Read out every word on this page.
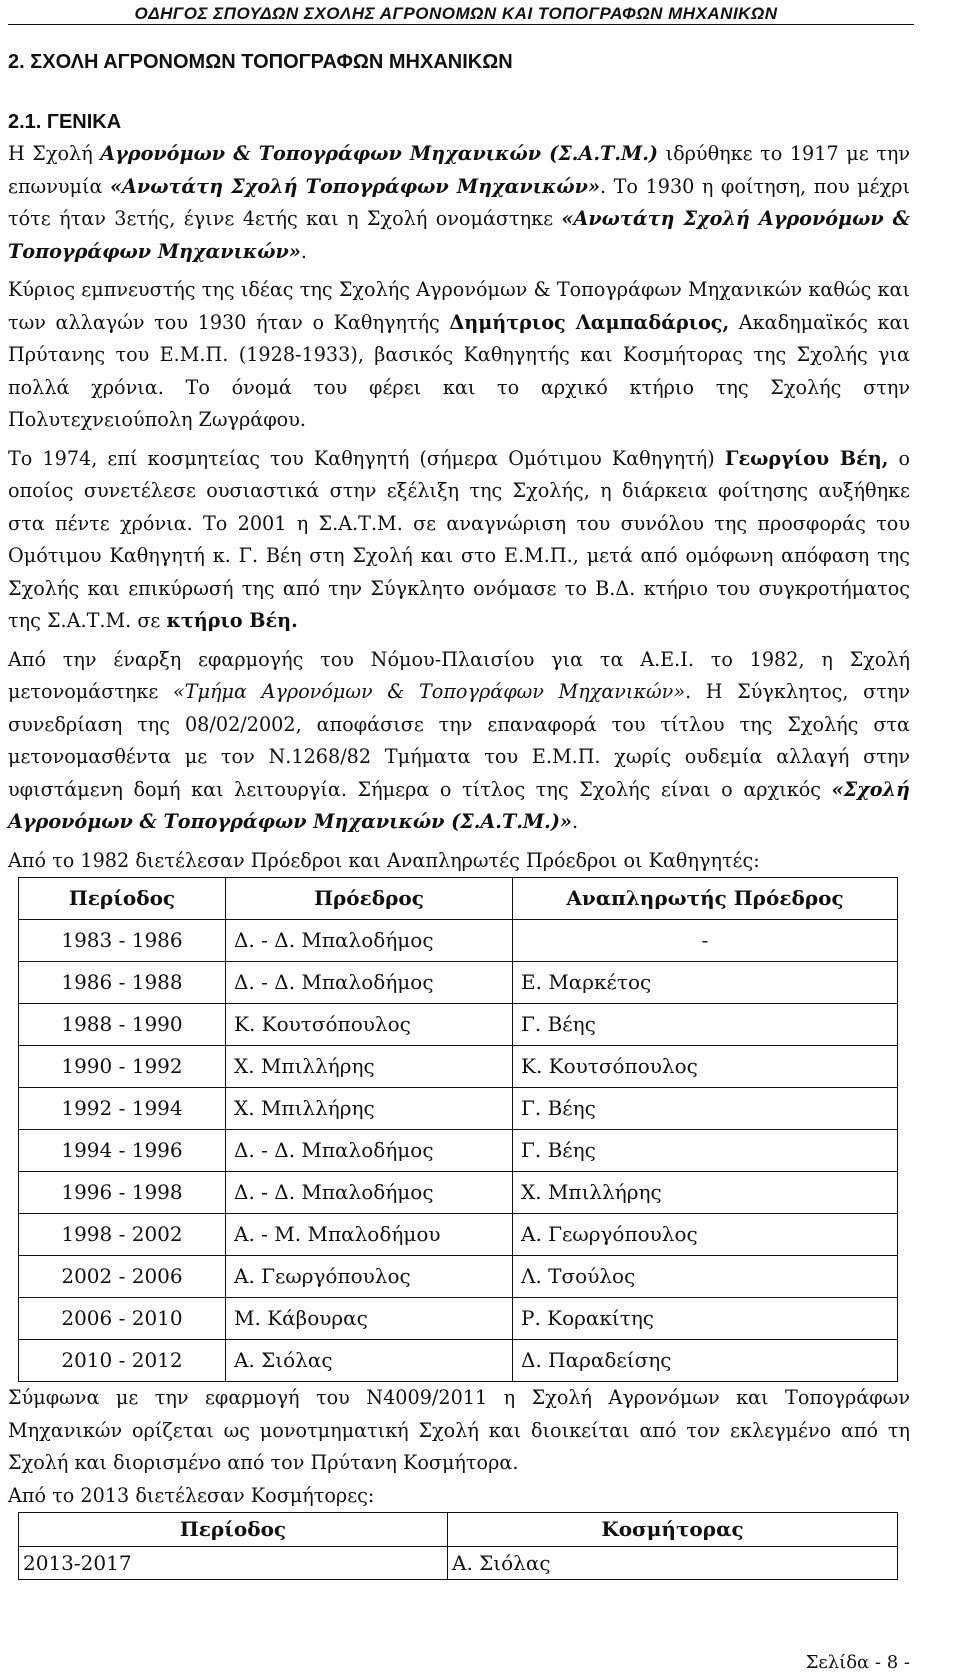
ΟΔΗΓΟΣ ΣΠΟΥΔΩΝ ΣΧΟΛΗΣ ΑΓΡΟΝΟΜΩΝ ΚΑΙ ΤΟΠΟΓΡΑΦΩΝ ΜΗΧΑΝΙΚΩΝ
2. ΣΧΟΛΗ ΑΓΡΟΝΟΜΩΝ ΤΟΠΟΓΡΑΦΩΝ ΜΗΧΑΝΙΚΩΝ
2.1. ΓΕΝΙΚΑ

Η Σχολή Αγρονόμων & Τοπογράφων Μηχανικών (Σ.Α.Τ.Μ.) ιδρύθηκε το 1917 με την επωνυμία «Ανωτάτη Σχολή Τοπογράφων Μηχανικών». Το 1930 η φοίτηση, που μέχρι τότε ήταν 3ετής, έγινε 4ετής και η Σχολή ονομάστηκε «Ανωτάτη Σχολή Αγρονόμων & Τοπογράφων Μηχανικών».

Κύριος εμπνευστής της ιδέας της Σχολής Αγρονόμων & Τοπογράφων Μηχανικών καθώς και των αλλαγών του 1930 ήταν ο Καθηγητής Δημήτριος Λαμπαδάριος, Ακαδημαϊκός και Πρύτανης του Ε.Μ.Π. (1928-1933), βασικός Καθηγητής και Κοσμήτορας της Σχολής για πολλά χρόνια. Το όνομά του φέρει και το αρχικό κτήριο της Σχολής στην Πολυτεχνειούπολη Ζωγράφου.

Το 1974, επί κοσμητείας του Καθηγητή (σήμερα Ομότιμου Καθηγητή) Γεωργίου Βέη, ο οποίος συνετέλεσε ουσιαστικά στην εξέλιξη της Σχολής, η διάρκεια φοίτησης αυξήθηκε στα πέντε χρόνια. Το 2001 η Σ.Α.Τ.Μ. σε αναγνώριση του συνόλου της προσφοράς του Ομότιμου Καθηγητή κ. Γ. Βέη στη Σχολή και στο Ε.Μ.Π., μετά από ομόφωνη απόφαση της Σχολής και επικύρωσή της από την Σύγκλητο ονόμασε το Β.Δ. κτήριο του συγκροτήματος της Σ.Α.Τ.Μ. σε κτήριο Βέη.

Από την έναρξη εφαρμογής του Νόμου-Πλαισίου για τα Α.Ε.Ι. το 1982, η Σχολή μετονομάστηκε «Τμήμα Αγρονόμων & Τοπογράφων Μηχανικών». Η Σύγκλητος, στην συνεδρίαση της 08/02/2002, αποφάσισε την επαναφορά του τίτλου της Σχολής στα μετονομασθέντα με τον Ν.1268/82 Τμήματα του Ε.Μ.Π. χωρίς ουδεμία αλλαγή στην υφιστάμενη δομή και λειτουργία. Σήμερα ο τίτλος της Σχολής είναι ο αρχικός «Σχολή Αγρονόμων & Τοπογράφων Μηχανικών (Σ.Α.Τ.Μ.)».

Από το 1982 διετέλεσαν Πρόεδροι και Αναπληρωτές Πρόεδροι οι Καθηγητές:

Περίοδος	Πρόεδρος	Αναπληρωτής Πρόεδρος
1983 - 1986	Δ. - Δ. Μπαλοδήμος	-
1986 - 1988	Δ. - Δ. Μπαλοδήμος	Ε. Μαρκέτος
1988 - 1990	Κ. Κουτσόπουλος	Γ. Βέης
1990 - 1992	Χ. Μπιλλήρης	Κ. Κουτσόπουλος
1992 - 1994	Χ. Μπιλλήρης	Γ. Βέης
1994 - 1996	Δ. - Δ. Μπαλοδήμος	Γ. Βέης
1996 - 1998	Δ. - Δ. Μπαλοδήμος	Χ. Μπιλλήρης
1998 - 2002	Α. - Μ. Μπαλοδήμου	Α. Γεωργόπουλος
2002 - 2006	Α. Γεωργόπουλος	Λ. Τσούλος
2006 - 2010	Μ. Κάβουρας	Ρ. Κορακίτης
2010 - 2012	Α. Σιόλας	Δ. Παραδείσης

Σύμφωνα με την εφαρμογή του Ν4009/2011 η Σχολή Αγρονόμων και Τοπογράφων Μηχανικών ορίζεται ως μονοτμηματική Σχολή και διοικείται από τον εκλεγμένο από τη Σχολή και διορισμένο από τον Πρύτανη Κοσμήτορα.

Από το 2013 διετέλεσαν Κοσμήτορες:

Περίοδος	Κοσμήτορας
2013-2017	Α. Σιόλας
Σελίδα - 8 -
